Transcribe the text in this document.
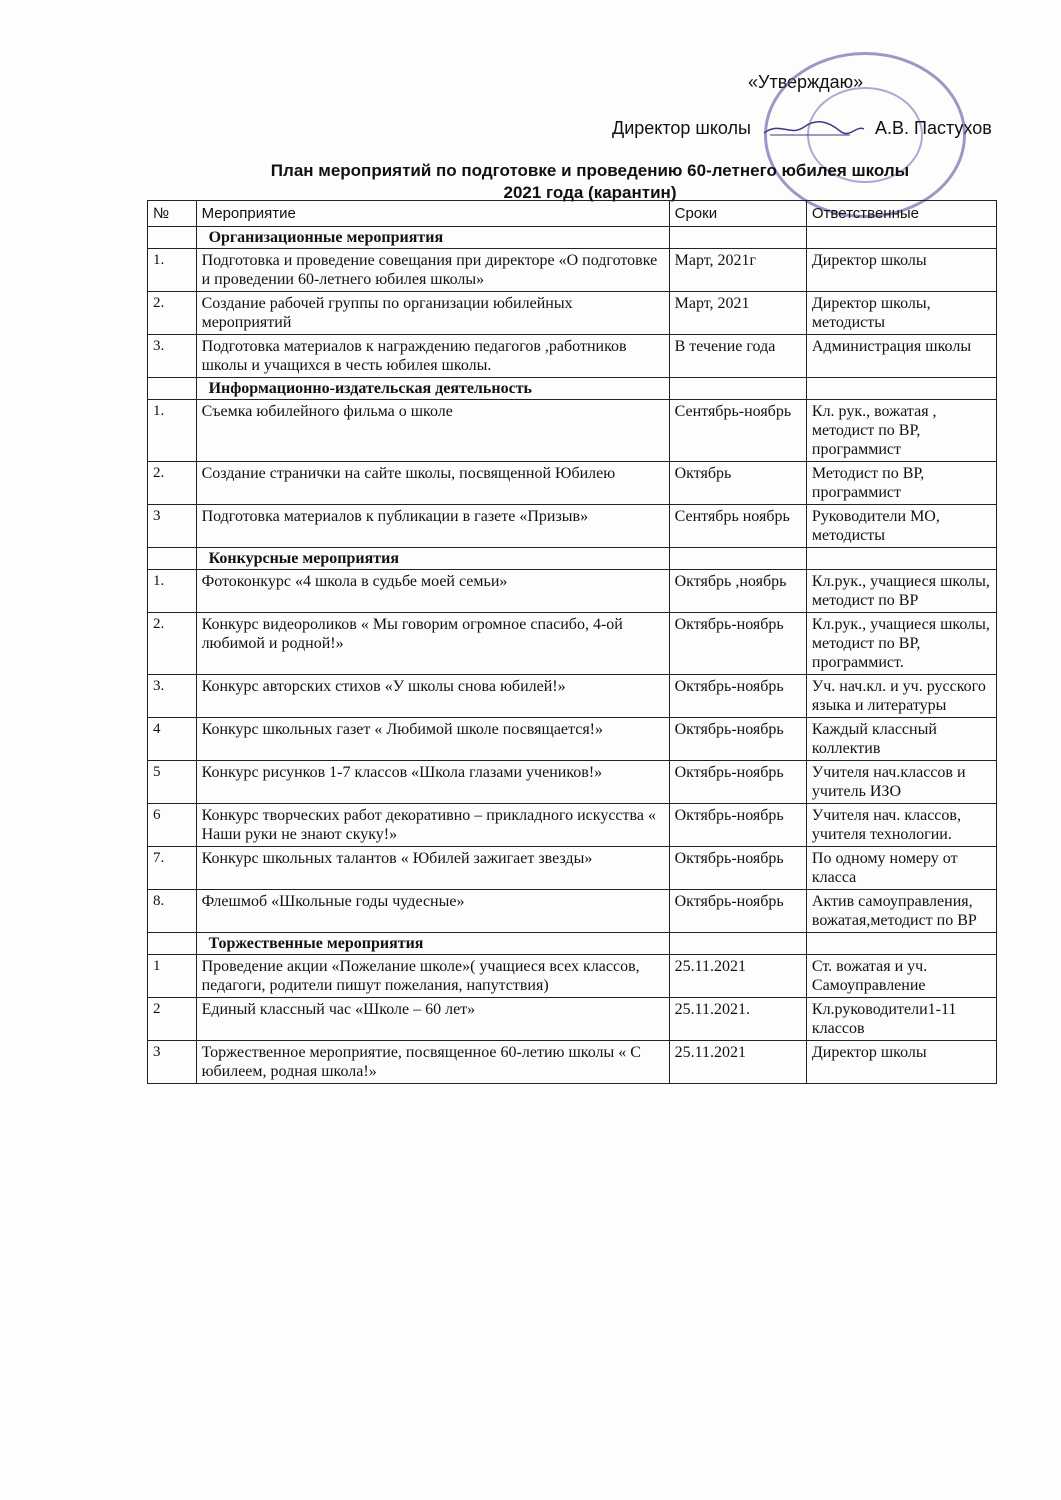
«Утверждаю»
Директор школы	А.В. Пастухов
План мероприятий по подготовке и проведению 60-летнего юбилея школы
2021 года (карантин)
№	Мероприятие	Сроки	Ответственные
	Организационные мероприятия		
1.	Подготовка и проведение совещания при директоре «О подготовке и проведении 60-летнего юбилея школы»	Март, 2021г	Директор школы
2.	Создание рабочей группы по организации юбилейных мероприятий	Март, 2021	Директор школы, методисты
3.	Подготовка материалов к награждению педагогов ,работников школы и учащихся в честь юбилея школы.	В течение года	Администрация школы
	Информационно-издательская деятельность		
1.	Съемка юбилейного фильма о школе	Сентябрь-ноябрь	Кл. рук., вожатая , методист по ВР, программист
2.	Создание странички на сайте школы, посвященной Юбилею	Октябрь	Методист по ВР, программист
3	Подготовка материалов к публикации в газете «Призыв»	Сентябрь ноябрь	Руководители МО, методисты
	Конкурсные мероприятия		
1.	Фотоконкурс «4 школа в судьбе моей семьи»	Октябрь ,ноябрь	Кл.рук., учащиеся школы, методист по ВР
2.	Конкурс видеороликов « Мы говорим огромное спасибо, 4-ой любимой и родной!»	Октябрь-ноябрь	Кл.рук., учащиеся школы, методист по ВР, программист.
3.	Конкурс авторских стихов «У школы снова юбилей!»	Октябрь-ноябрь	Уч. нач.кл. и уч. русского языка и литературы
4	Конкурс школьных газет « Любимой школе посвящается!»	Октябрь-ноябрь	Каждый классный коллектив
5	Конкурс рисунков 1-7 классов «Школа глазами учеников!»	Октябрь-ноябрь	Учителя нач.классов и учитель ИЗО
6	Конкурс творческих работ декоративно – прикладного искусства « Наши руки не знают скуку!»	Октябрь-ноябрь	Учителя нач. классов, учителя технологии.
7.	Конкурс школьных талантов « Юбилей зажигает звезды»	Октябрь-ноябрь	По одному номеру от класса
8.	Флешмоб «Школьные годы чудесные»	Октябрь-ноябрь	Актив самоуправления, вожатая,методист по ВР
	Торжественные мероприятия		
1	Проведение акции «Пожелание школе»( учащиеся всех классов, педагоги, родители пишут пожелания, напутствия)	25.11.2021	Ст. вожатая и уч. Самоуправление
2	Единый классный час «Школе – 60 лет»	25.11.2021.	Кл.руководители1-11 классов
3	Торжественное мероприятие, посвященное 60-летию школы « С юбилеем, родная школа!»	25.11.2021	Директор школы
